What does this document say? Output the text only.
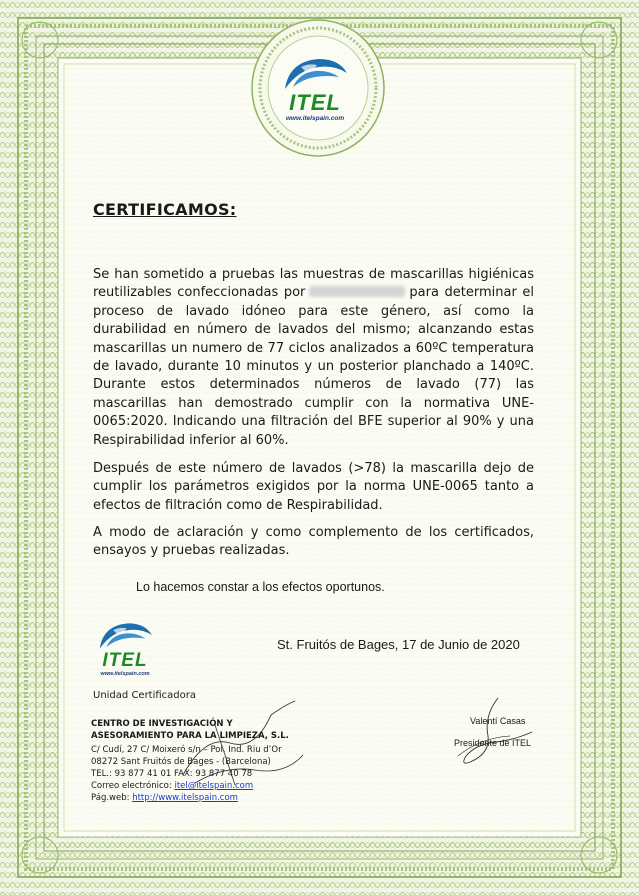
ITEL
www.itelspain.com
CERTIFICAMOS:
Se han sometido a pruebas las muestras de mascarillas higiénicas reutilizables confeccionadas por	para determinar el proceso de lavado idóneo para este género, así como la durabilidad en número de lavados del mismo; alcanzando estas mascarillas un numero de 77 ciclos analizados a 60ºC temperatura de lavado, durante 10 minutos y un posterior planchado a 140ºC. Durante estos determinados números de lavado (77) las mascarillas han demostrado cumplir con la normativa UNE-0065:2020. Indicando una filtración del BFE superior al 90% y una Respirabilidad inferior al 60%.
Después de este número de lavados (>78) la mascarilla dejo de cumplir los parámetros exigidos por la norma UNE-0065 tanto a efectos de filtración como de Respirabilidad.
A modo de aclaración y como complemento de los certificados, ensayos y pruebas realizadas.
Lo hacemos constar a los efectos oportunos.
ITEL
www.itelspain.com
St. Fruitós de Bages, 17 de Junio de 2020
Unidad Certificadora
CENTRO DE INVESTIGACIÓN Y
ASESORAMIENTO PARA LA LIMPIEZA, S.L.
C/ Cudí, 27 C/ Moixeró s/n – Pol. Ind. Riu d’Or
08272 Sant Fruitós de Bages - (Barcelona)
TEL.: 93 877 41 01 FAX: 93 877 40 78
Correo electrónico: itel@itelspain.com
Pág.web: http://www.itelspain.com
Valentí Casas
Presidente de ITEL
